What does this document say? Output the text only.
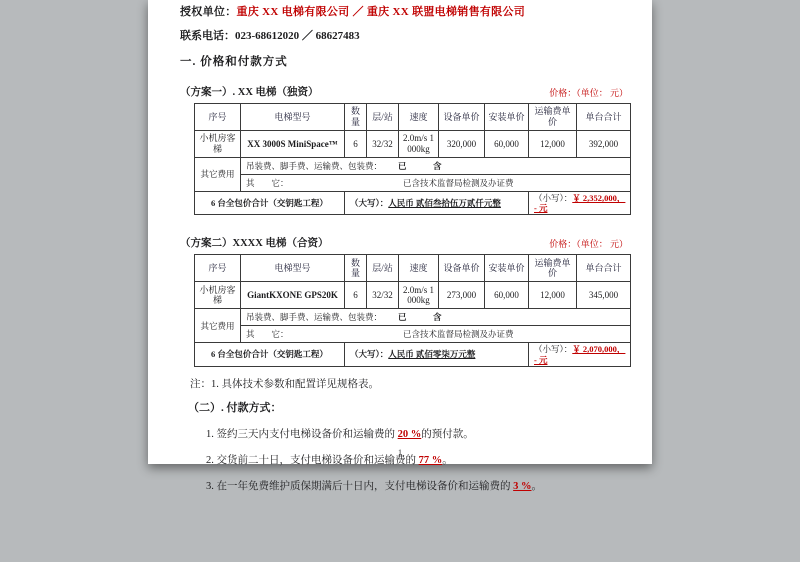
授权单位：重庆 XX 电梯有限公司 ／ 重庆 XX 联盟电梯销售有限公司
联系电话：023-68612020 ／ 68627483
一. 价格和付款方式
（方案一）. XX 电梯（独资）	价格：（单位： 元）
序号	电梯型号	数量	层/站	速度	设备单价	安装单价	运输费单价	单台合计
小机房客梯	XX 3000S MiniSpace™	6	32/32	2.0m/s 1000kg	320,000	60,000	12,000	392,000
其它费用	吊装费、脚手费、运输费、包装费： 已　含							

	其　　它： 已含技术监督局检测及办证费							

6 台全包价合计（交钥匙工程）		（大写）：人民币 贰佰叁拾伍万贰仟元整					（小写）：￥ 2,352,000，- 元	
（方案二）XXXX 电梯（合资）	价格：（单位： 元）
序号	电梯型号	数量	层/站	速度	设备单价	安装单价	运输费单价	单台合计
小机房客梯	GiantKXONE GPS20K	6	32/32	2.0m/s 1000kg	273,000	60,000	12,000	345,000
其它费用	吊装费、脚手费、运输费、包装费： 已　含							

	其　　它： 已含技术监督局检测及办证费							

6 台全包价合计（交钥匙工程）		（大写）：人民币 贰佰零柒万元整					（小写）：￥ 2,070,000，- 元	
注：1. 具体技术参数和配置详见规格表。
（二）. 付款方式：
1. 签约三天内支付电梯设备价和运输费的 20 %的预付款。
2. 交货前二十日，支付电梯设备价和运输费的 77 %。
3. 在一年免费维护质保期满后十日内，支付电梯设备价和运输费的 3 %。
1
